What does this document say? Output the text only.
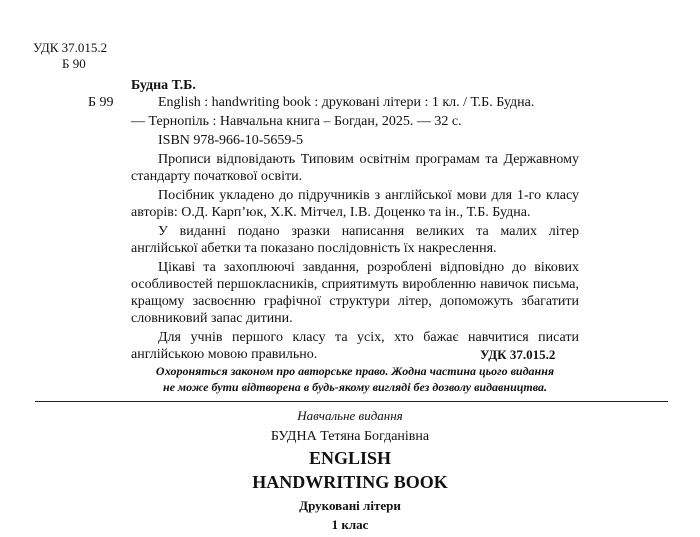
УДК 37.015.2
Б 90
Будна Т.Б.
Б 99	English : handwriting book : друковані літери : 1 кл. / Т.Б. Будна.
— Тернопіль : Навчальна книга – Богдан, 2025. — 32 с.
ISBN 978-966-10-5659-5

Прописи відповідають Типовим освітнім програмам та Державному стандарту початкової освіти.

Посібник укладено до підручників з англійської мови для 1-го класу авторів: О.Д. Карп’юк, Х.К. Мітчел, І.В. Доценко та ін., Т.Б. Будна.

У виданні подано зразки написання великих та малих літер англійської абетки та показано послідовність їх накреслення.

Цікаві та захоплюючі завдання, розроблені відповідно до вікових особливостей першокласників, сприятимуть виробленню навичок письма, кращому засвоєнню графічної структури літер, допоможуть збагатити словниковий запас дитини.

Для учнів першого класу та усіх, хто бажає навчитися писати англійською мовою правильно.	УДК 37.015.2
Охороняться законом про авторське право. Жодна частина цього видання
не може бути відтворена в будь-якому вигляді без дозволу видавництва.
Навчальне видання
БУДНА Тетяна Богданівна
ENGLISH
HANDWRITING BOOK
Друковані літери
1 клас
